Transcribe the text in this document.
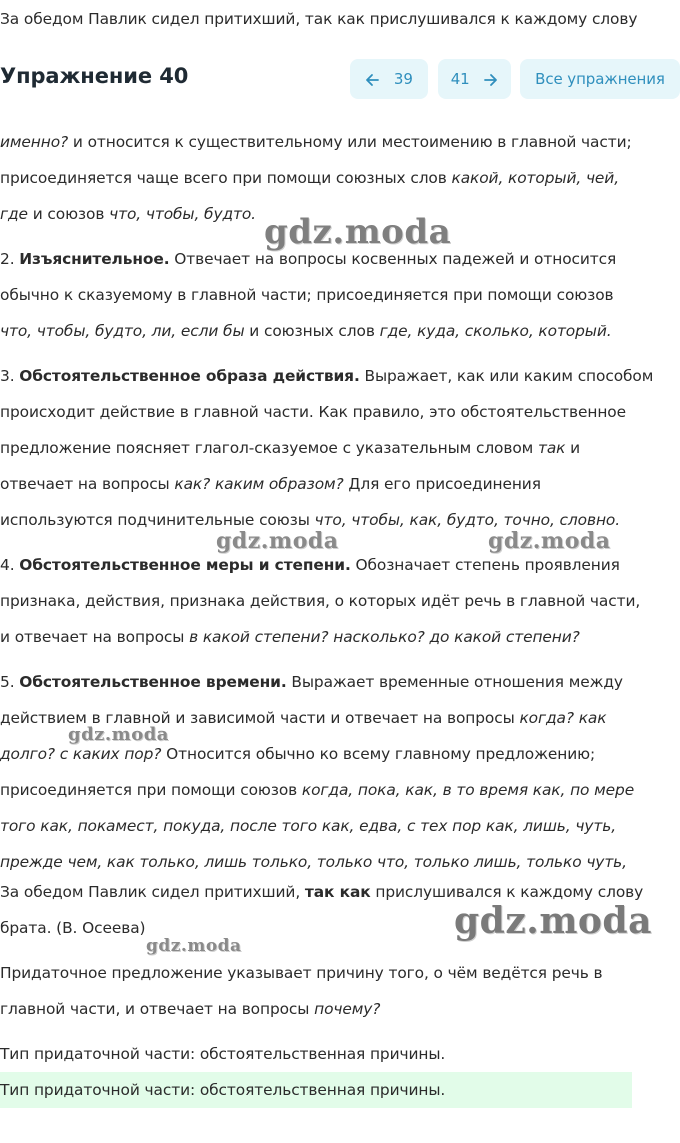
За обедом Павлик сидел притихший, так как прислушивался к каждому слову
именно? и относится к существительному или местоимению в главной части;
присоединяется чаще всего при помощи союзных слов какой, который, чей,
где и союзов что, чтобы, будто.
2. Изъяснительное. Отвечает на вопросы косвенных падежей и относится
обычно к сказуемому в главной части; присоединяется при помощи союзов
что, чтобы, будто, ли, если бы и союзных слов где, куда, сколько, который.
3. Обстоятельственное образа действия. Выражает, как или каким способом
происходит действие в главной части. Как правило, это обстоятельственное
предложение поясняет глагол-сказуемое с указательным словом так и
отвечает на вопросы как? каким образом? Для его присоединения
используются подчинительные союзы что, чтобы, как, будто, точно, словно.
4. Обстоятельственное меры и степени. Обозначает степень проявления
признака, действия, признака действия, о которых идёт речь в главной части,
и отвечает на вопросы в какой степени? насколько? до какой степени?
5. Обстоятельственное времени. Выражает временные отношения между
действием в главной и зависимой части и отвечает на вопросы когда? как
долго? с каких пор? Относится обычно ко всему главному предложению;
присоединяется при помощи союзов когда, пока, как, в то время как, по мере
того как, покамест, покуда, после того как, едва, с тех пор как, лишь, чуть,
прежде чем, как только, лишь только, только что, только лишь, только чуть,
За обедом Павлик сидел притихший, так как прислушивался к каждому слову
брата. (В. Осеева)
Придаточное предложение указывает причину того, о чём ведётся речь в
главной части, и отвечает на вопросы почему?
Тип придаточной части: обстоятельственная причины.
Тип придаточной части: обстоятельственная причины.
gdz.moda
gdz.moda	gdz.moda
gdz.moda
gdz.moda
gdz.moda
Упражнение 40	39	41	Все упражнения
